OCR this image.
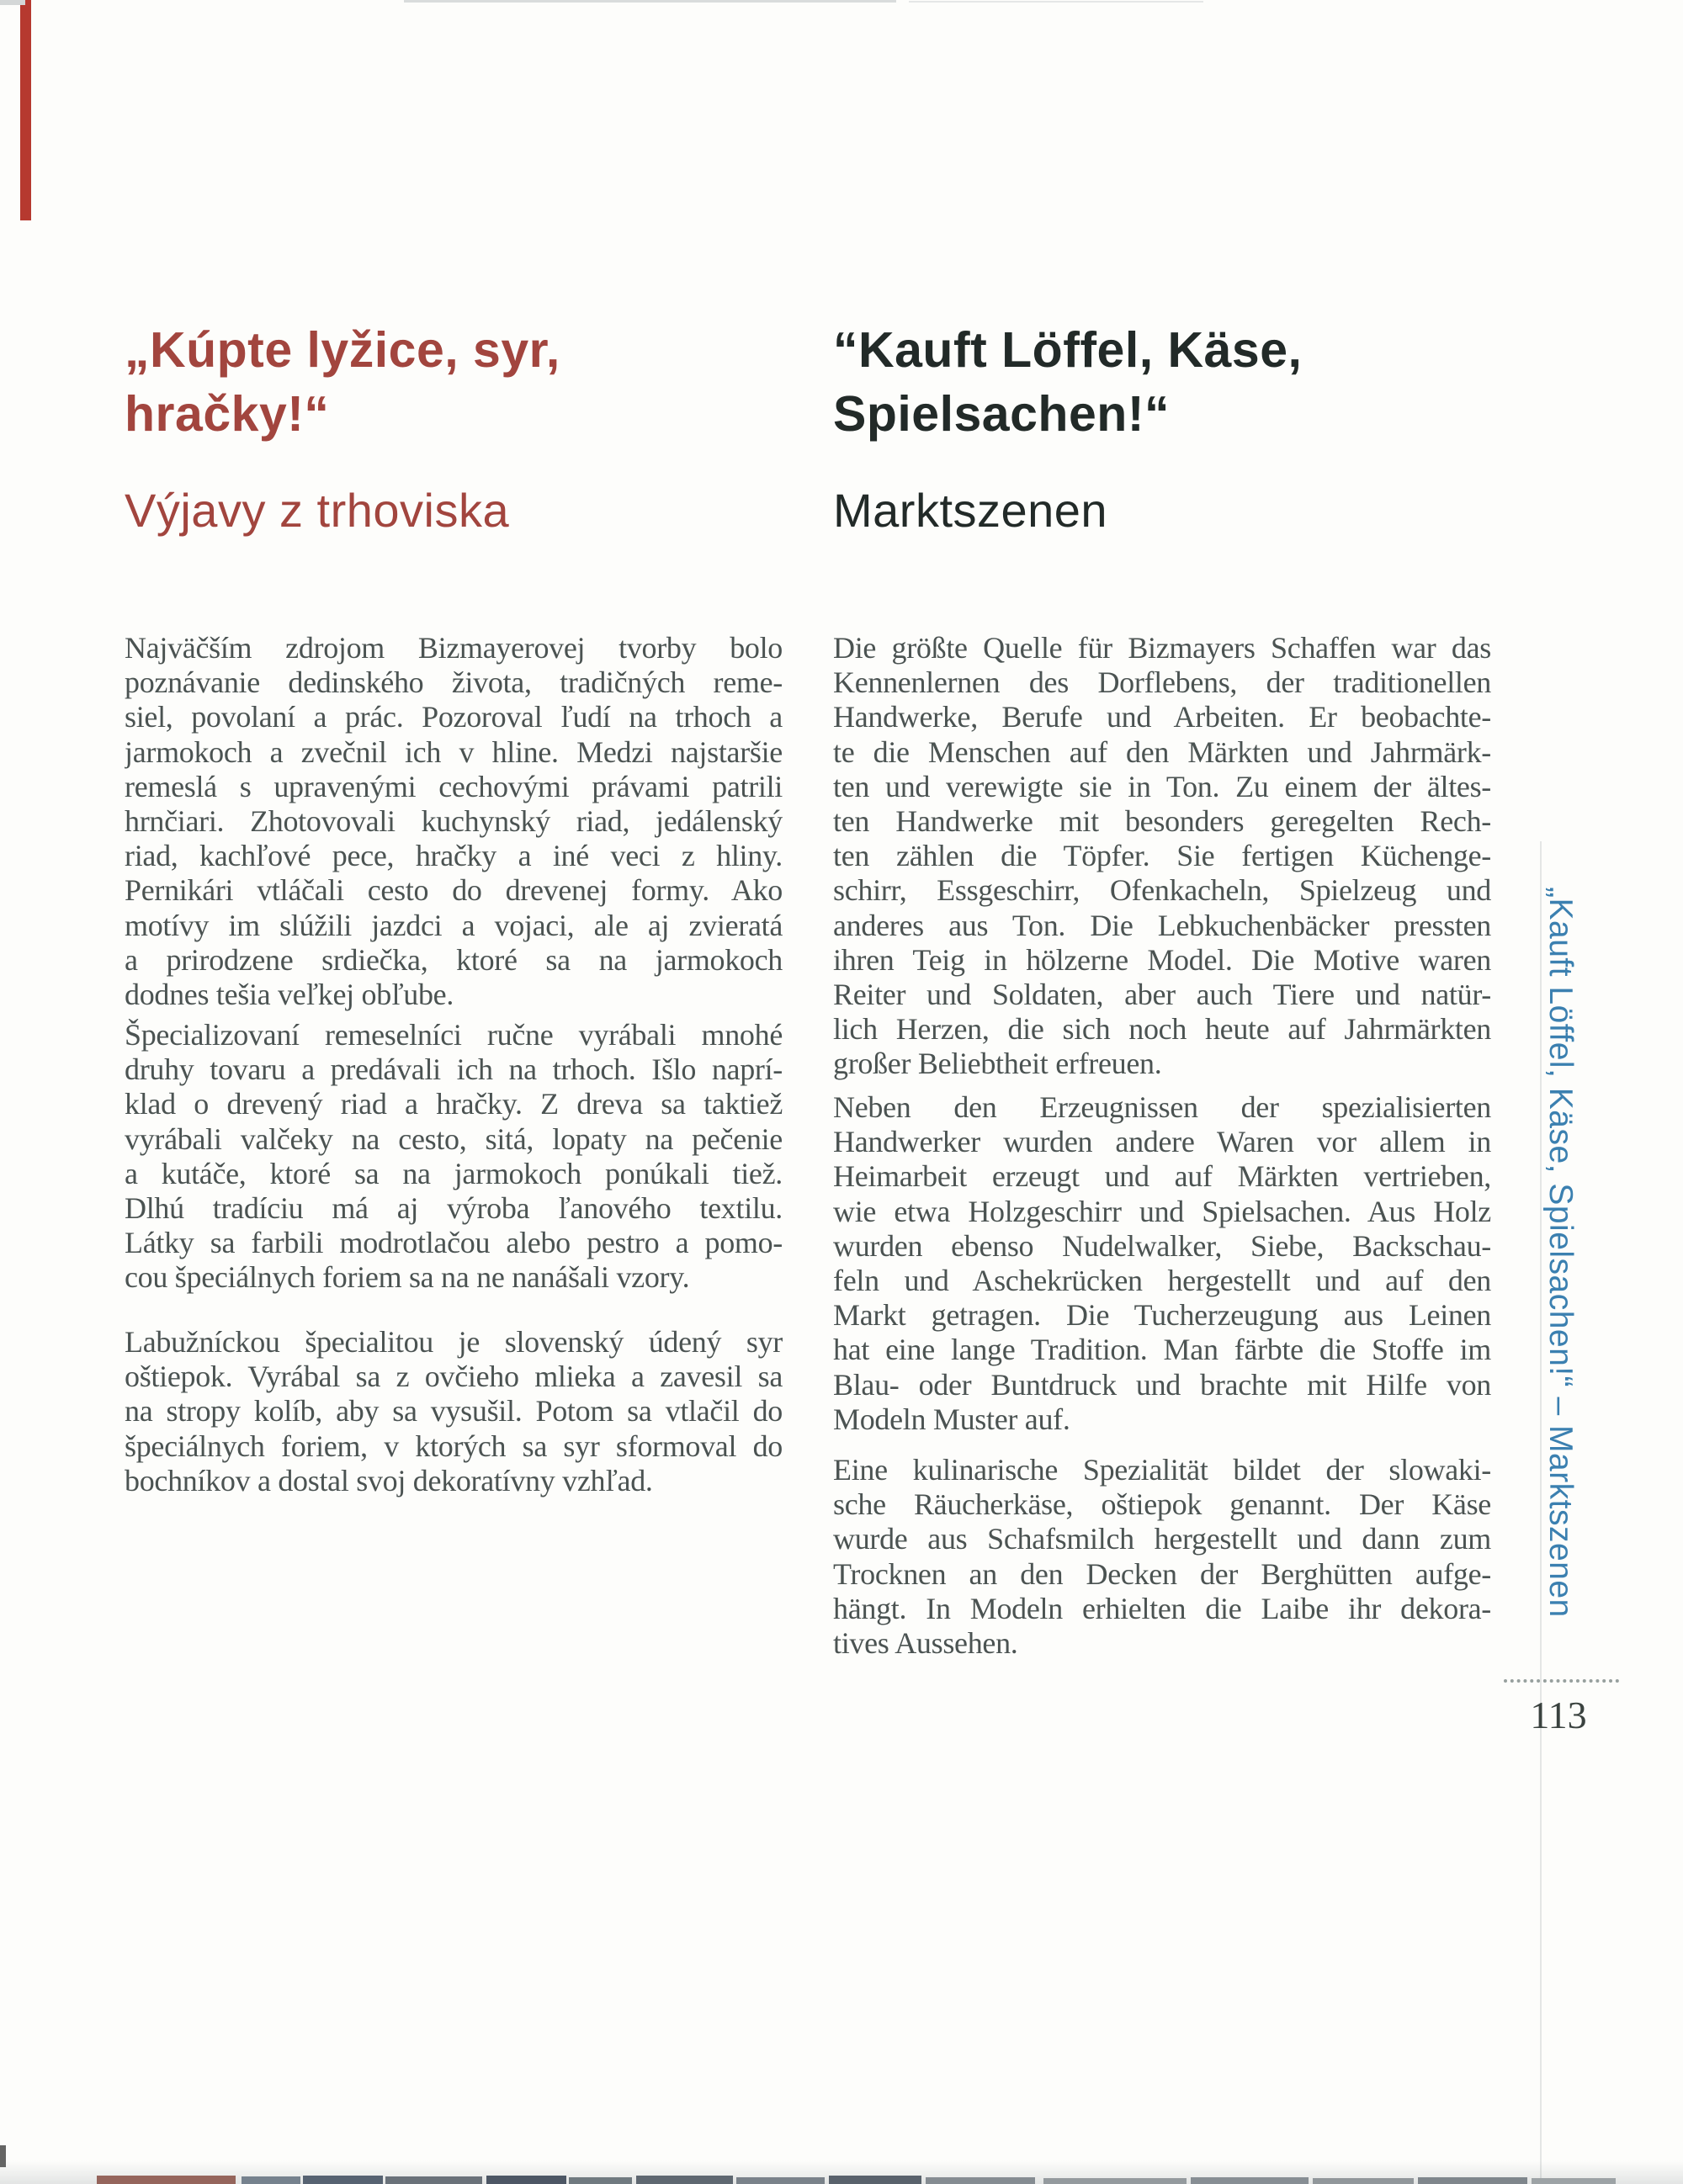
„Kúpte lyžice, syr,
hračky!“
Výjavy z trhoviska
Najväčším zdrojom Bizmayerovej tvorby bolo
poznávanie dedinského života, tradičných reme-
siel, povolaní a prác. Pozoroval ľudí na trhoch a
jarmokoch a zvečnil ich v hline. Medzi najstaršie
remeslá s upravenými cechovými právami patrili
hrnčiari. Zhotovovali kuchynský riad, jedálenský
riad, kachľové pece, hračky a iné veci z hliny.
Pernikári vtláčali cesto do drevenej formy. Ako
motívy im slúžili jazdci a vojaci, ale aj zvieratá
a prirodzene srdiečka, ktoré sa na jarmokoch
dodnes tešia veľkej obľube.
Špecializovaní remeselníci ručne vyrábali mnohé
druhy tovaru a predávali ich na trhoch. Išlo naprí-
klad o drevený riad a hračky. Z dreva sa taktiež
vyrábali valčeky na cesto, sitá, lopaty na pečenie
a kutáče, ktoré sa na jarmokoch ponúkali tiež.
Dlhú tradíciu má aj výroba ľanového textilu.
Látky sa farbili modrotlačou alebo pestro a pomo-
cou špeciálnych foriem sa na ne nanášali vzory.
Labužníckou špecialitou je slovenský údený syr
oštiepok. Vyrábal sa z ovčieho mlieka a zavesil sa
na stropy kolíb, aby sa vysušil. Potom sa vtlačil do
špeciálnych foriem, v ktorých sa syr sformoval do
bochníkov a dostal svoj dekoratívny vzhľad.
“Kauft Löffel, Käse,
Spielsachen!“
Marktszenen
Die größte Quelle für Bizmayers Schaffen war das
Kennenlernen des Dorflebens, der traditionellen
Handwerke, Berufe und Arbeiten. Er beobachte-
te die Menschen auf den Märkten und Jahrmärk-
ten und verewigte sie in Ton. Zu einem der ältes-
ten Handwerke mit besonders geregelten Rech-
ten zählen die Töpfer. Sie fertigen Küchenge-
schirr, Essgeschirr, Ofenkacheln, Spielzeug und
anderes aus Ton. Die Lebkuchenbäcker pressten
ihren Teig in hölzerne Model. Die Motive waren
Reiter und Soldaten, aber auch Tiere und natür-
lich Herzen, die sich noch heute auf Jahrmärkten
großer Beliebtheit erfreuen.
Neben den Erzeugnissen der spezialisierten
Handwerker wurden andere Waren vor allem in
Heimarbeit erzeugt und auf Märkten vertrieben,
wie etwa Holzgeschirr und Spielsachen. Aus Holz
wurden ebenso Nudelwalker, Siebe, Backschau-
feln und Aschekrücken hergestellt und auf den
Markt getragen. Die Tucherzeugung aus Leinen
hat eine lange Tradition. Man färbte die Stoffe im
Blau- oder Buntdruck und brachte mit Hilfe von
Modeln Muster auf.
Eine kulinarische Spezialität bildet der slowaki-
sche Räucherkäse, oštiepok genannt. Der Käse
wurde aus Schafsmilch hergestellt und dann zum
Trocknen an den Decken der Berghütten aufge-
hängt. In Modeln erhielten die Laibe ihr dekora-
tives Aussehen.
„Kauft Löffel, Käse, Spielsachen!“ – Marktszenen
113
